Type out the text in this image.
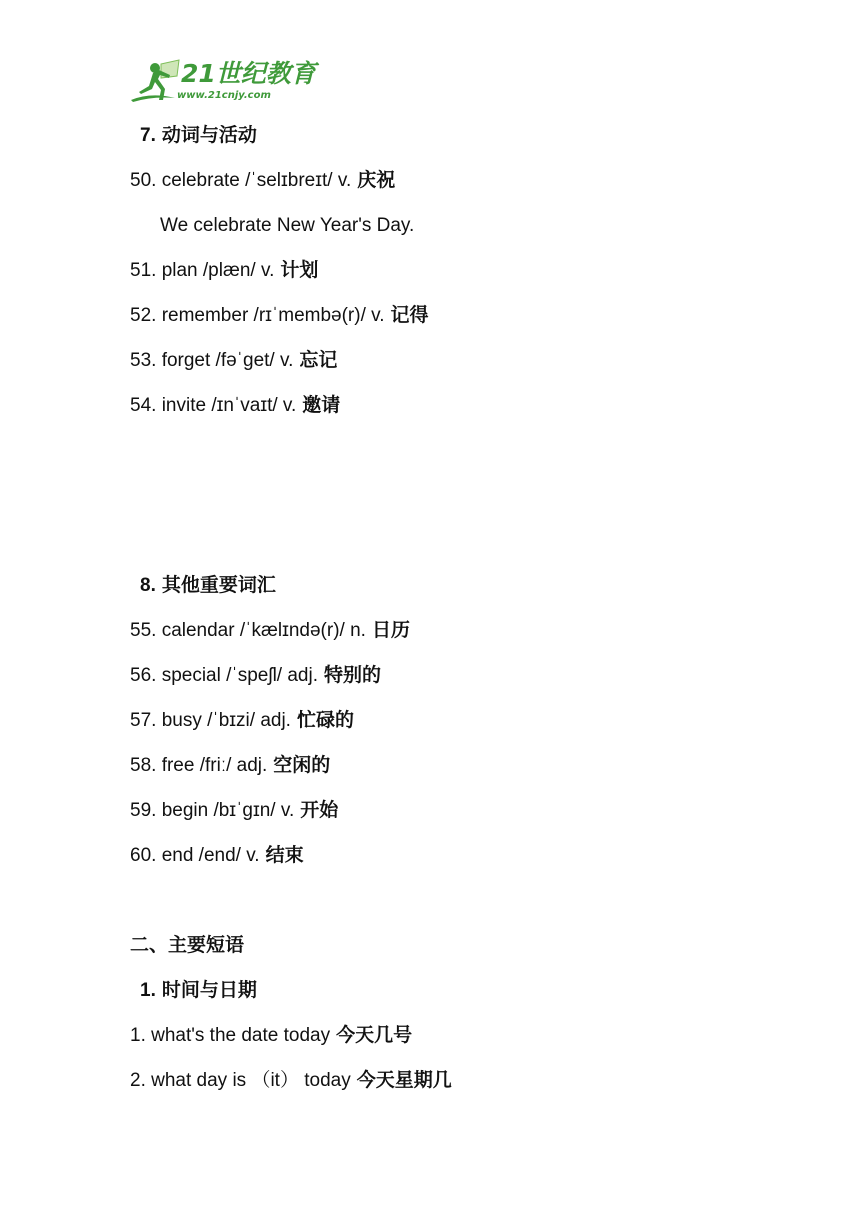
21世纪教育
www.21cnjy.com
7. 动词与活动
50. celebrate /ˈselɪbreɪt/ v. 庆祝
We celebrate New Year's Day.
51. plan /plæn/ v. 计划
52. remember /rɪˈmembə(r)/ v. 记得
53. forget /fəˈget/ v. 忘记
54. invite /ɪnˈvaɪt/ v. 邀请
8. 其他重要词汇
55. calendar /ˈkælɪndə(r)/ n. 日历
56. special /ˈspeʃl/ adj. 特别的
57. busy /ˈbɪzi/ adj. 忙碌的
58. free /friː/ adj. 空闲的
59. begin /bɪˈgɪn/ v. 开始
60. end /end/ v. 结束
二、主要短语
1. 时间与日期
1. what's the date today 今天几号
2. what day is （it） today 今天星期几
